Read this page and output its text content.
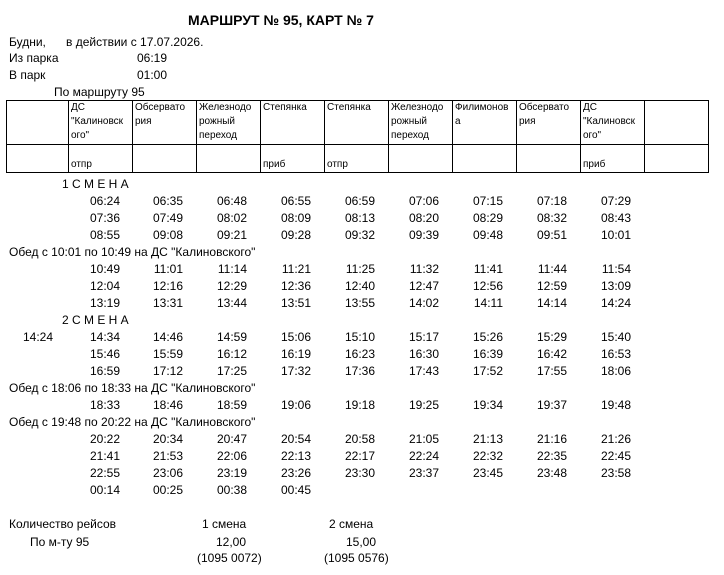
МАРШРУТ № 95, КАРТ № 7
Будни, в действии с 17.07.2026.
Из парка	06:19
В парк	01:00
По маршруту 95
	ДС "Калиновск ого"	Обсервато рия	Железнодо рожный переход	Степянка	Степянка	Железнодо рожный переход	Филимонов а	Обсервато рия	ДС "Калиновск ого"	
	отпр			приб	отпр				приб	
1 С М Е Н А
06:24	06:35	06:48	06:55	06:59	07:06	07:15	07:18	07:29
07:36	07:49	08:02	08:09	08:13	08:20	08:29	08:32	08:43
08:55	09:08	09:21	09:28	09:32	09:39	09:48	09:51	10:01
Обед с 10:01 по 10:49 на ДС "Калиновского"
10:49	11:01	11:14	11:21	11:25	11:32	11:41	11:44	11:54
12:04	12:16	12:29	12:36	12:40	12:47	12:56	12:59	13:09
13:19	13:31	13:44	13:51	13:55	14:02	14:11	14:14	14:24
2 С М Е Н А
14:24	14:34	14:46	14:59	15:06	15:10	15:17	15:26	15:29	15:40
15:46	15:59	16:12	16:19	16:23	16:30	16:39	16:42	16:53
16:59	17:12	17:25	17:32	17:36	17:43	17:52	17:55	18:06
Обед с 18:06 по 18:33 на ДС "Калиновского"
18:33	18:46	18:59	19:06	19:18	19:25	19:34	19:37	19:48
Обед с 19:48 по 20:22 на ДС "Калиновского"
20:22	20:34	20:47	20:54	20:58	21:05	21:13	21:16	21:26
21:41	21:53	22:06	22:13	22:17	22:24	22:32	22:35	22:45
22:55	23:06	23:19	23:26	23:30	23:37	23:45	23:48	23:58
00:14	00:25	00:38	00:45
Количество рейсов	1 смена	2 смена
По м-ту 95	12,00	15,00
(1095 0072)	(1095 0576)
